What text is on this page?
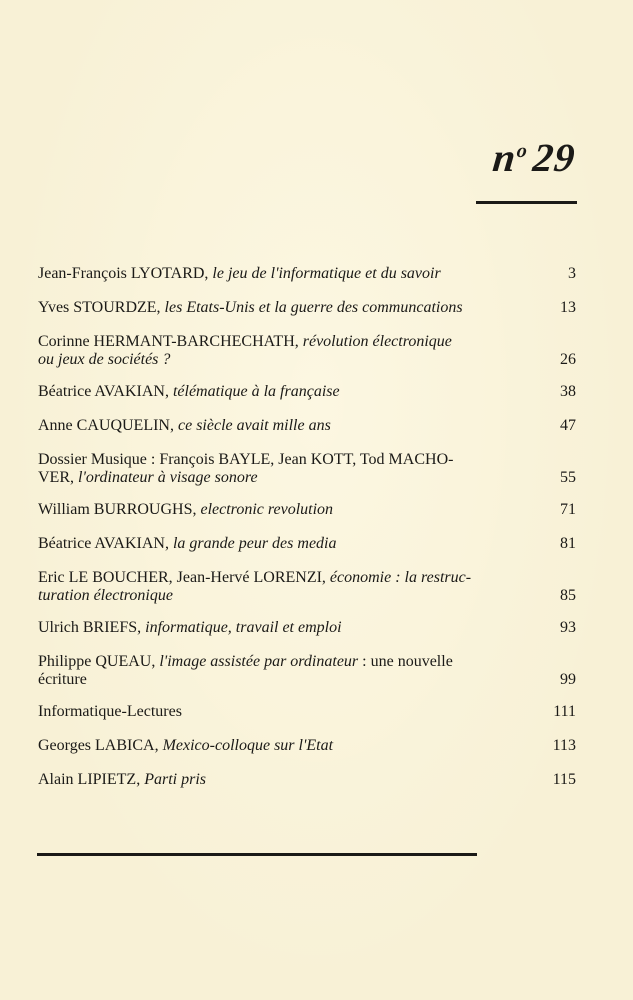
$n^o29$
Jean-François LYOTARD, le jeu de l'informatique et du savoir	3
Yves STOURDZE, les Etats-Unis et la guerre des communcations	13
Corinne HERMANT-BARCHECHATH, révolution électronique
ou jeux de sociétés ?	26
Béatrice AVAKIAN, télématique à la française	38
Anne CAUQUELIN, ce siècle avait mille ans	47
Dossier Musique : François BAYLE, Jean KOTT, Tod MACHO-
VER, l'ordinateur à visage sonore	55
William BURROUGHS, electronic revolution	71
Béatrice AVAKIAN, la grande peur des media	81
Eric LE BOUCHER, Jean-Hervé LORENZI, économie : la restruc-
turation électronique	85
Ulrich BRIEFS, informatique, travail et emploi	93
Philippe QUEAU, l'image assistée par ordinateur : une nouvelle
écriture	99
Informatique-Lectures	111
Georges LABICA, Mexico-colloque sur l'Etat	113
Alain LIPIETZ, Parti pris	115
